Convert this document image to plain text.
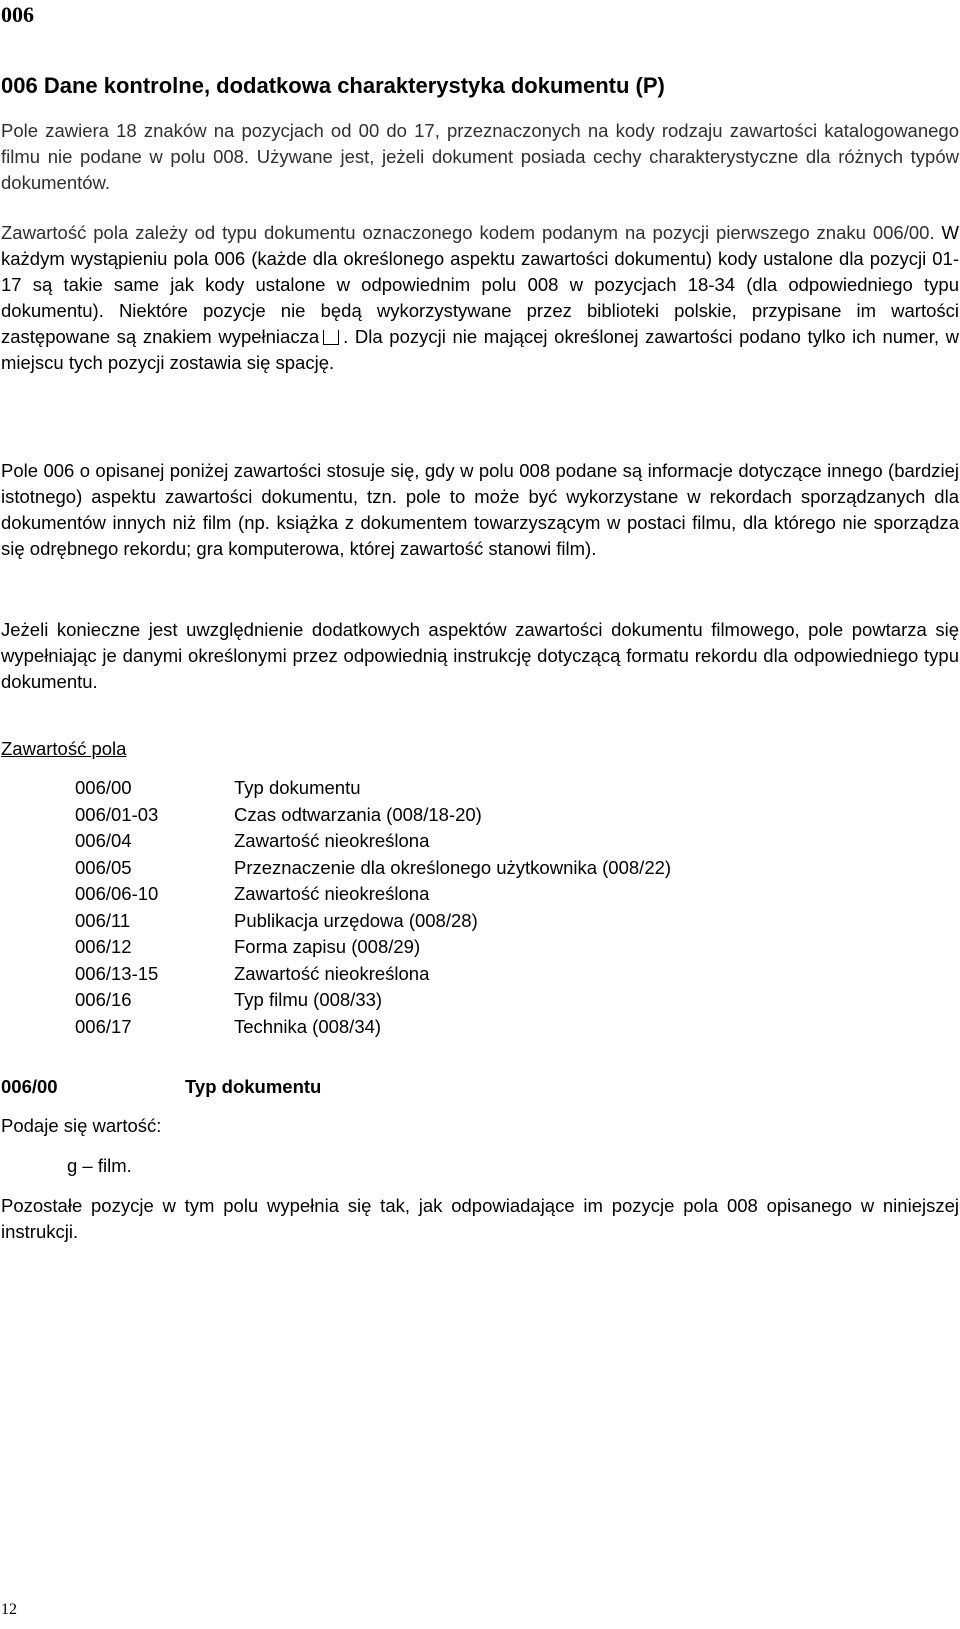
006
006 Dane kontrolne, dodatkowa charakterystyka dokumentu (P)

Pole zawiera 18 znaków na pozycjach od 00 do 17, przeznaczonych na kody rodzaju zawartości katalogowanego filmu nie podane w polu 008. Używane jest, jeżeli dokument posiada cechy charakterystyczne dla różnych typów dokumentów.

Zawartość pola zależy od typu dokumentu oznaczonego kodem podanym na pozycji pierwszego znaku 006/00. W każdym wystąpieniu pola 006 (każde dla określonego aspektu zawartości dokumentu) kody ustalone dla pozycji 01-17 są takie same jak kody ustalone w odpowiednim polu 008 w pozycjach 18-34 (dla odpowiedniego typu dokumentu). Niektóre pozycje nie będą wykorzystywane przez biblioteki polskie, przypisane im wartości zastępowane są znakiem wypełniacza . Dla pozycji nie mającej określonej zawartości podano tylko ich numer, w miejscu tych pozycji zostawia się spację.

Pole 006 o opisanej poniżej zawartości stosuje się, gdy w polu 008 podane są informacje dotyczące innego (bardziej istotnego) aspektu zawartości dokumentu, tzn. pole to może być wykorzystane w rekordach sporządzanych dla dokumentów innych niż film (np. książka z dokumentem towarzyszącym w postaci filmu, dla którego nie sporządza się odrębnego rekordu; gra komputerowa, której zawartość stanowi film).

Jeżeli konieczne jest uwzględnienie dodatkowych aspektów zawartości dokumentu filmowego, pole powtarza się wypełniając je danymi określonymi przez odpowiednią instrukcję dotyczącą formatu rekordu dla odpowiedniego typu dokumentu.

Zawartość pola
006/00	Typ dokumentu
006/01-03	Czas odtwarzania (008/18-20)
006/04	Zawartość nieokreślona
006/05	Przeznaczenie dla określonego użytkownika (008/22)
006/06-10	Zawartość nieokreślona
006/11	Publikacja urzędowa (008/28)
006/12	Forma zapisu (008/29)
006/13-15	Zawartość nieokreślona
006/16	Typ filmu (008/33)
006/17	Technika (008/34)
006/00	Typ dokumentu

Podaje się wartość:

g – film.

Pozostałe pozycje w tym polu wypełnia się tak, jak odpowiadające im pozycje pola 008 opisanego w niniejszej instrukcji.

12
